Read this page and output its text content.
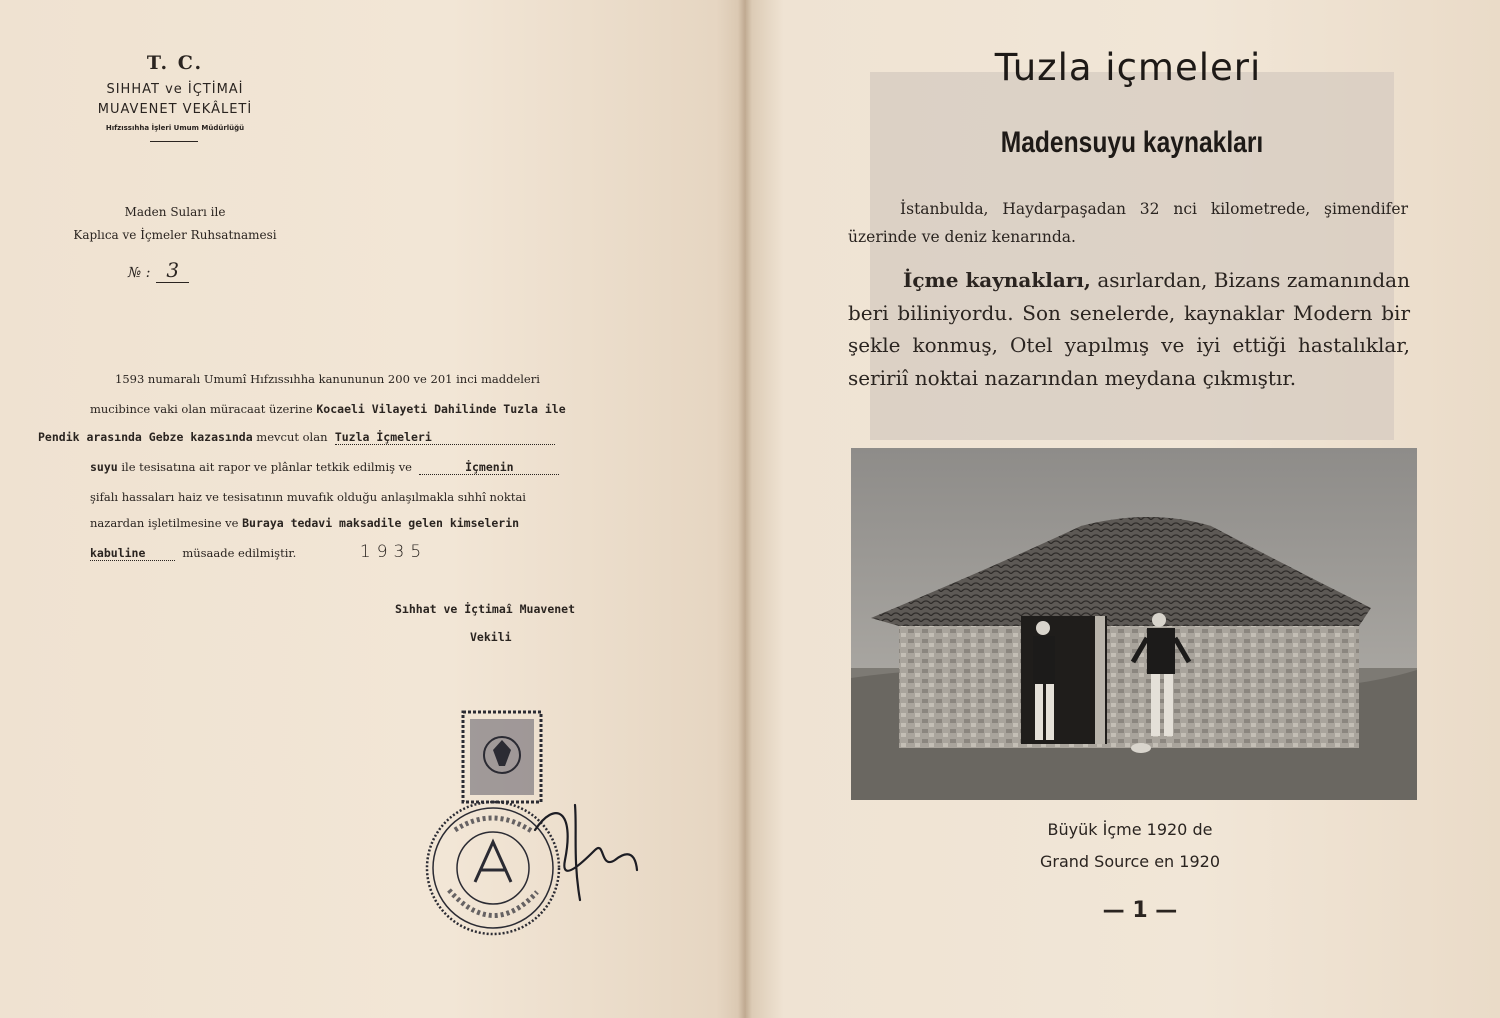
T. C.
SIHHAT ve İÇTİMAİ
MUAVENET VEKÂLETİ
Hıfzıssıhha İşleri Umum Müdürlüğü
Maden Suları ile
Kaplıca ve İçmeler Ruhsatnamesi
№ : 3
1593 numaralı Umumî Hıfzıssıhha kanununun 200 ve 201 inci maddeleri
mucibince vaki olan müracaat üzerine Kocaeli Vilayeti Dahilinde Tuzla ile
Pendik arasında Gebze kazasında mevcut olan Tuzla İçmeleri
suyu ile tesisatına ait rapor ve plânlar tetkik edilmiş ve	İçmenin
şifalı hassaları haiz ve tesisatının muvafık olduğu anlaşılmakla sıhhî noktai
nazardan işletilmesine ve Buraya tedavi maksadile gelen kimselerin
kabuline	müsaade edilmiştir.	1935
Sıhhat ve İçtimaî Muavenet
Vekili
Tuzla içmeleri
Madensuyu kaynakları
İstanbulda, Haydarpaşadan 32 nci kilometrede, şimendifer üzerinde ve deniz kenarında.
İçme kaynakları, asırlardan, Bizans zamanından beri biliniyordu. Son senelerde, kaynaklar Modern bir şekle konmuş, Otel yapılmış ve iyi ettiği hastalıklar, seririî noktai nazarından meydana çıkmıştır.
Büyük İçme 1920 de
Grand Source en 1920
— 1 —
